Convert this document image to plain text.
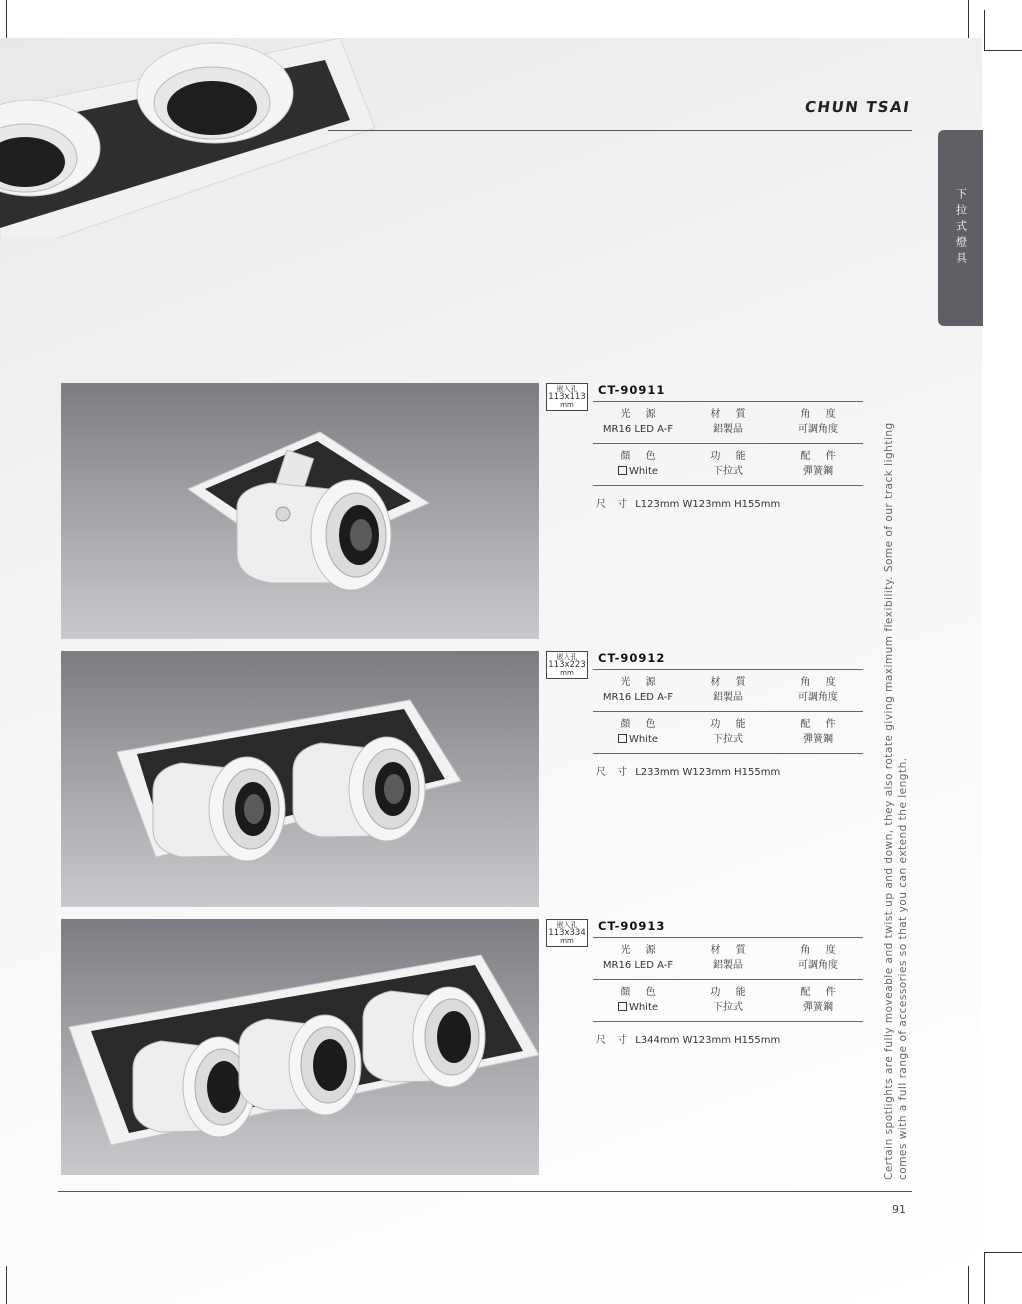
CHUN TSAI
下拉式燈具
嵌入孔
113x113
mm
CT-90911
光 源
MR16 LED A-F
材 質
鋁製品
角 度
可調角度
顏 色
White
功 能
下拉式
配 件
彈簧鋼
尺 寸 L123mm W123mm H155mm
嵌入孔
113x223
mm
CT-90912
光 源
MR16 LED A-F
材 質
鋁製品
角 度
可調角度
顏 色
White
功 能
下拉式
配 件
彈簧鋼
尺 寸 L233mm W123mm H155mm
嵌入孔
113x334
mm
CT-90913
光 源
MR16 LED A-F
材 質
鋁製品
角 度
可調角度
顏 色
White
功 能
下拉式
配 件
彈簧鋼
尺 寸 L344mm W123mm H155mm	Certain spotlights are fully moveable and twist up and down, they also rotate giving maximum flexibility. Some of our track lighting comes with a full range of accessories so that you can extend the length.
91
